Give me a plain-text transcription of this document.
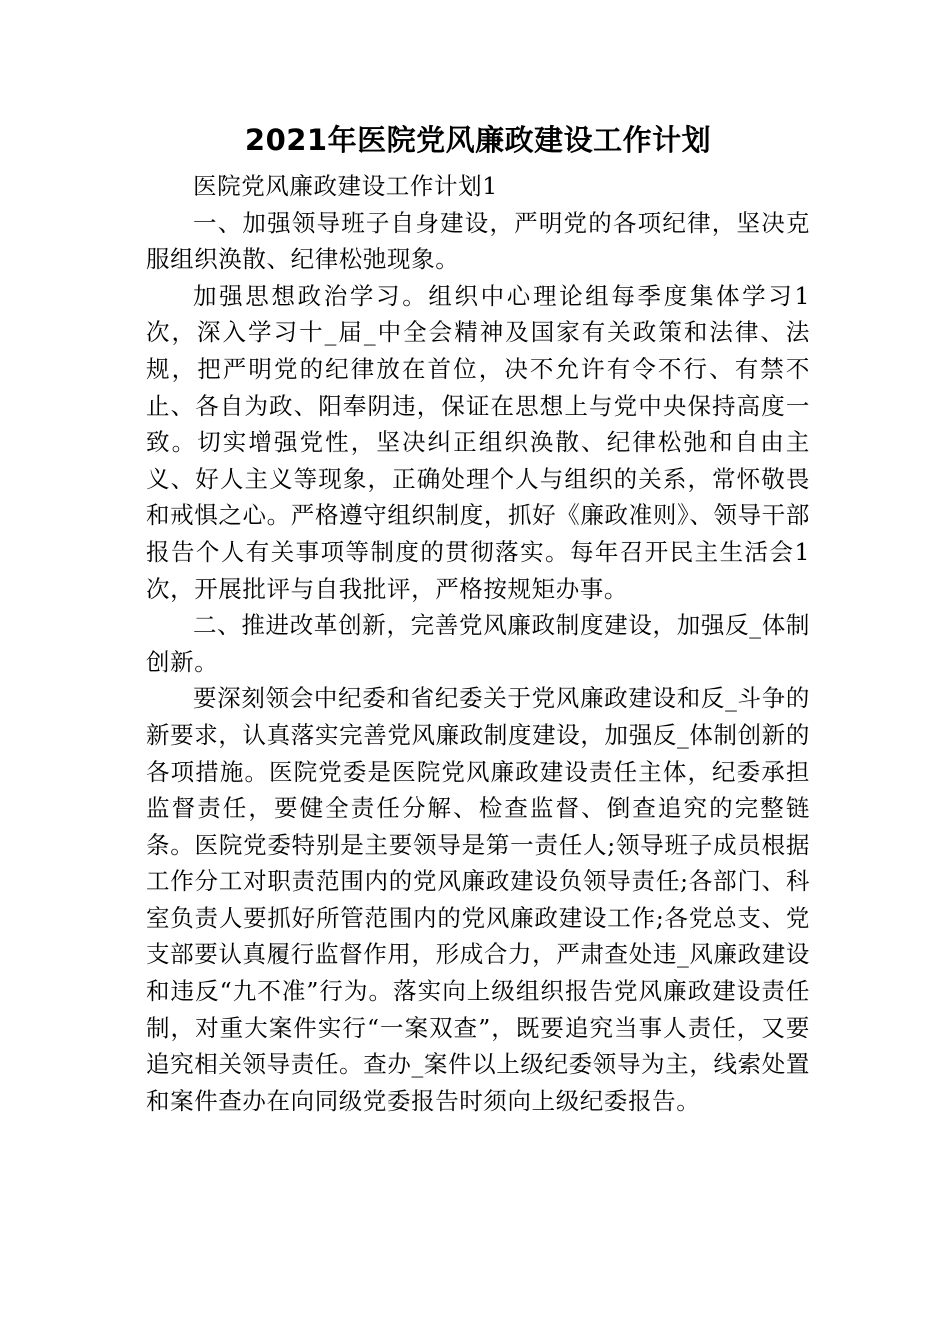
2021年医院党风廉政建设工作计划

医院党风廉政建设工作计划1

一、加强领导班子自身建设，严明党的各项纪律，坚决克服组织涣散、纪律松弛现象。

加强思想政治学习。组织中心理论组每季度集体学习1次，深入学习十_届_中全会精神及国家有关政策和法律、法规，把严明党的纪律放在首位，决不允许有令不行、有禁不止、各自为政、阳奉阴违，保证在思想上与党中央保持高度一致。切实增强党性，坚决纠正组织涣散、纪律松弛和自由主义、好人主义等现象，正确处理个人与组织的关系，常怀敬畏和戒惧之心。严格遵守组织制度，抓好《廉政准则》、领导干部报告个人有关事项等制度的贯彻落实。每年召开民主生活会1次，开展批评与自我批评，严格按规矩办事。

二、推进改革创新，完善党风廉政制度建设，加强反_体制创新。

要深刻领会中纪委和省纪委关于党风廉政建设和反_斗争的新要求，认真落实完善党风廉政制度建设，加强反_体制创新的各项措施。医院党委是医院党风廉政建设责任主体，纪委承担监督责任，要健全责任分解、检查监督、倒查追究的完整链条。医院党委特别是主要领导是第一责任人;领导班子成员根据工作分工对职责范围内的党风廉政建设负领导责任;各部门、科室负责人要抓好所管范围内的党风廉政建设工作;各党总支、党支部要认真履行监督作用，形成合力，严肃查处违_风廉政建设和违反“九不准”行为。落实向上级组织报告党风廉政建设责任制，对重大案件实行“一案双查”，既要追究当事人责任，又要追究相关领导责任。查办_案件以上级纪委领导为主，线索处置和案件查办在向同级党委报告时须向上级纪委报告。
